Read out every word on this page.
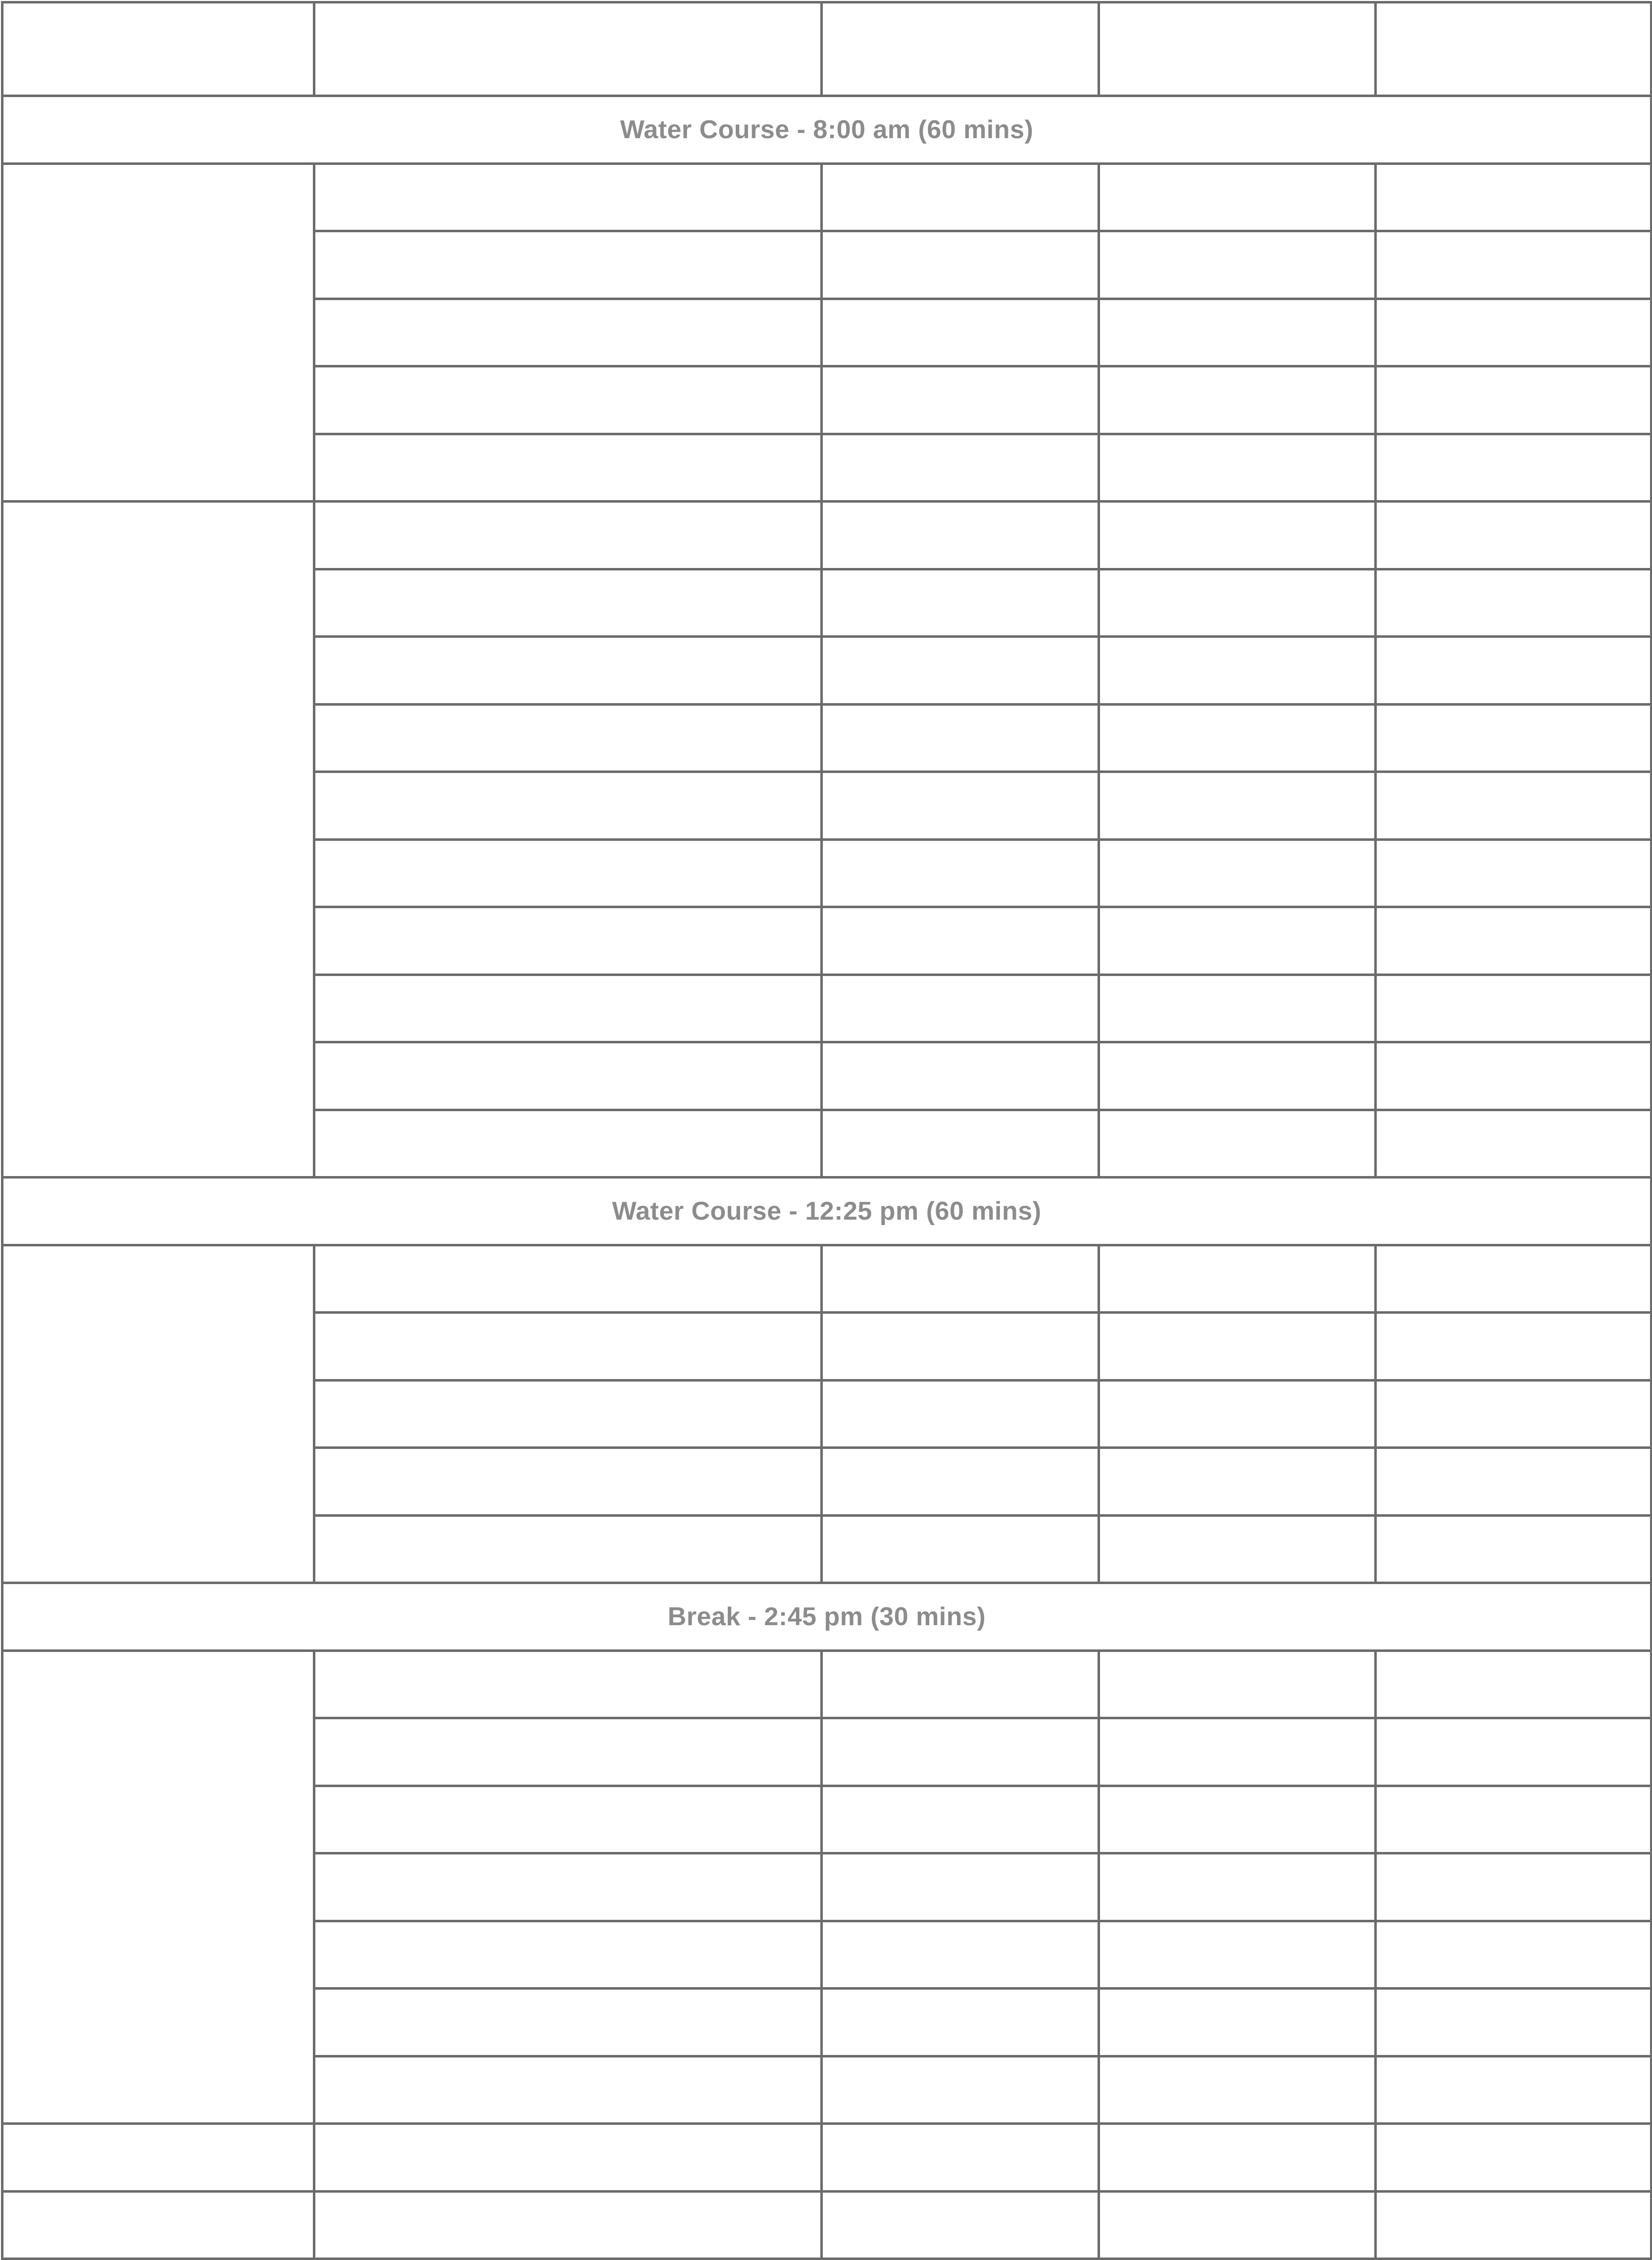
Water Course - 8:00 am (60 mins)				

Water Course - 12:25 pm (60 mins)				

Break - 2:45 pm (30 mins)				
